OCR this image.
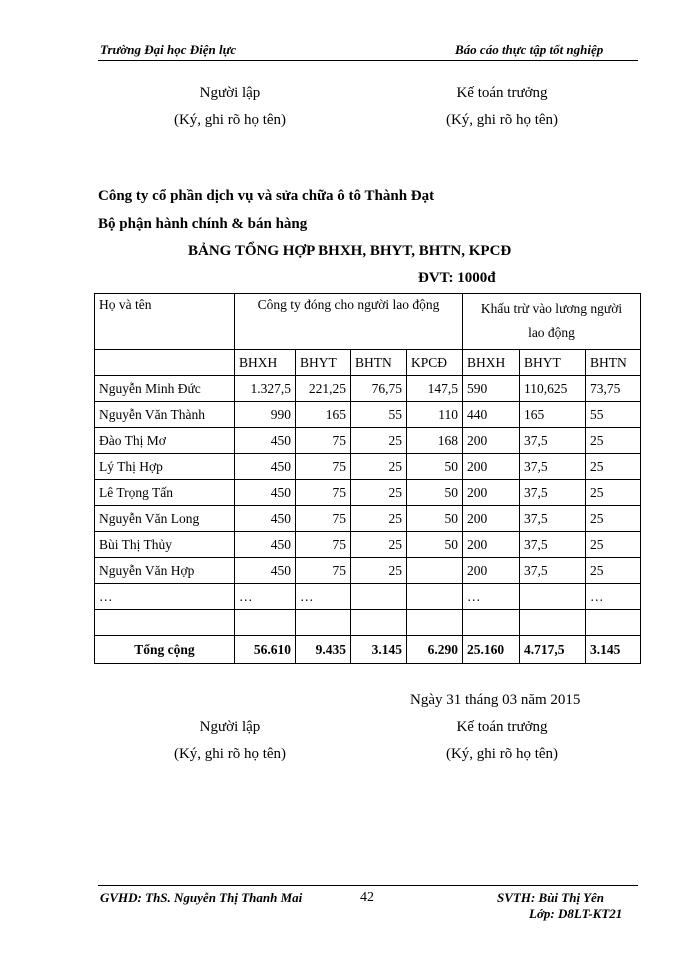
Trường Đại học Điện lực	Báo cáo thực tập tốt nghiệp
Người lập
(Ký, ghi rõ họ tên)
Kế toán trưởng
(Ký, ghi rõ họ tên)
Công ty cổ phần dịch vụ và sửa chữa ô tô Thành Đạt
Bộ phận hành chính & bán hàng
BẢNG TỔNG HỢP BHXH, BHYT, BHTN, KPCĐ
ĐVT: 1000đ
Họ và tên	Công ty đóng cho người lao động				Khấu trừ vào lương người
lao động		

	BHXH	BHYT	BHTN	KPCĐ	BHXH	BHYT	BHTN
Nguyễn Minh Đức	1.327,5	221,25	76,75	147,5	590	110,625	73,75
Nguyễn Văn Thành	990	165	55	110	440	165	55
Đào Thị Mơ	450	75	25	168	200	37,5	25
Lý Thị Hợp	450	75	25	50	200	37,5	25
Lê Trọng Tấn	450	75	25	50	200	37,5	25
Nguyễn Văn Long	450	75	25	50	200	37,5	25
Bùi Thị Thủy	450	75	25	50	200	37,5	25
Nguyễn Văn Hợp	450	75	25		200	37,5	25
…	…	…			…		…

Tổng cộng	56.610	9.435	3.145	6.290	25.160	4.717,5	3.145
Ngày 31 tháng 03 năm 2015
Người lập
(Ký, ghi rõ họ tên)
Kế toán trưởng
(Ký, ghi rõ họ tên)
GVHD: ThS. Nguyễn Thị Thanh Mai	42	SVTH: Bùi Thị Yên
Lớp: D8LT-KT21
